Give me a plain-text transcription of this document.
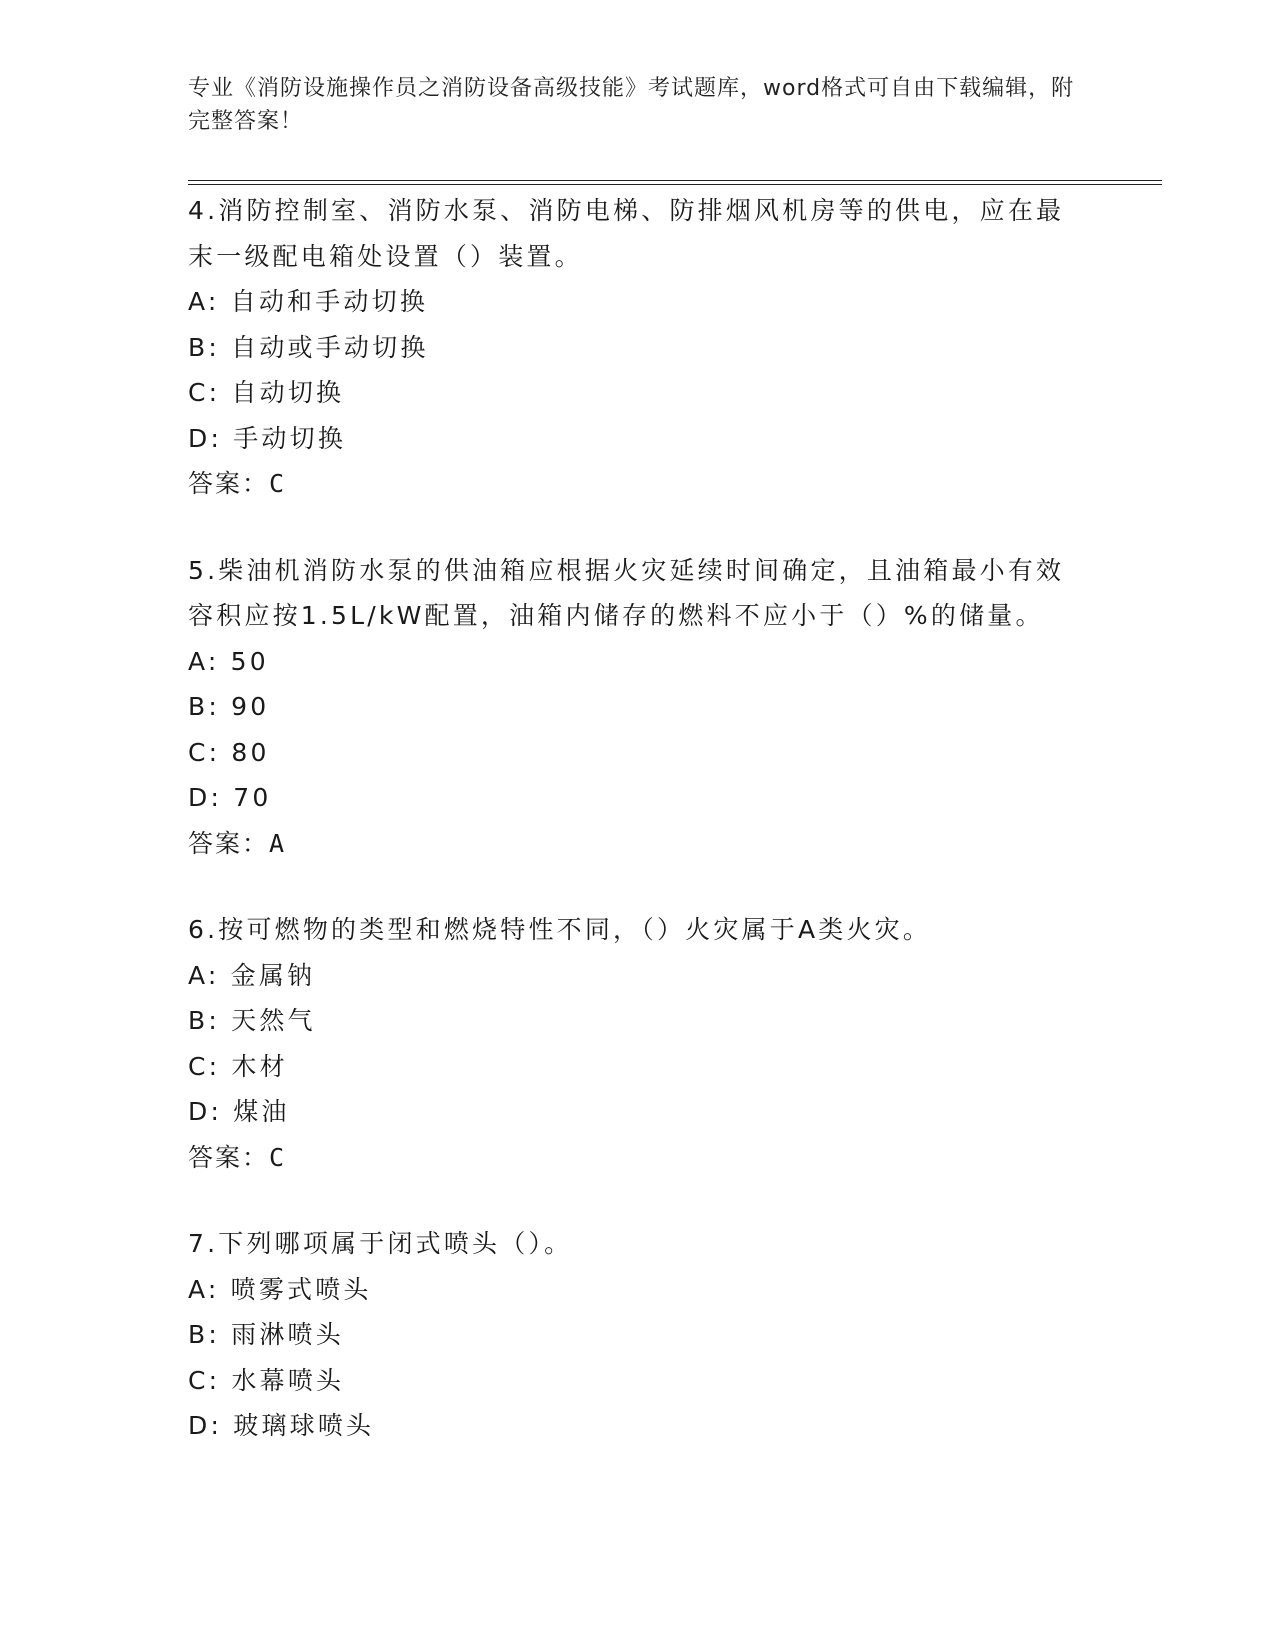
专业《消防设施操作员之消防设备高级技能》考试题库，word格式可自由下载编辑，附完整答案！

4.消防控制室、消防水泵、消防电梯、防排烟风机房等的供电，应在最末一级配电箱处设置（）装置。

A: 自动和手动切换

B: 自动或手动切换

C: 自动切换

D: 手动切换

答案：C

5.柴油机消防水泵的供油箱应根据火灾延续时间确定，且油箱最小有效容积应按1.5L/kW配置，油箱内储存的燃料不应小于（）%的储量。

A: 50

B: 90

C: 80

D: 70

答案：A

6.按可燃物的类型和燃烧特性不同，（）火灾属于A类火灾。

A: 金属钠

B: 天然气

C: 木材

D: 煤油

答案：C

7.下列哪项属于闭式喷头（）。

A: 喷雾式喷头

B: 雨淋喷头

C: 水幕喷头

D: 玻璃球喷头
